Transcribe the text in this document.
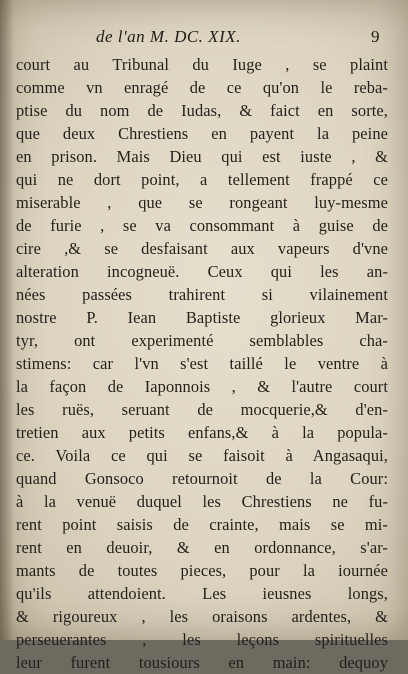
de l'an M. DC. XIX.	9
court au Tribunal du Iuge , se plaint
comme vn enragé de ce qu'on le reba-
ptise du nom de Iudas, & faict en sorte,
que deux Chrestiens en payent la peine
en prison. Mais Dieu qui est iuste , &
qui ne dort point, a tellement frappé ce
miserable , que se rongeant luy-mesme
de furie , se va consommant à guise de
cire ,& se desfaisant aux vapeurs d'vne
alteration incogneuë. Ceux qui les an-
nées passées trahirent si vilainement
nostre P. Iean Baptiste glorieux Mar-
tyr, ont experimenté semblables cha-
stimens: car l'vn s'est taillé le ventre à
la façon de Iaponnois , & l'autre court
les ruës, seruant de mocquerie,& d'en-
tretien aux petits enfans,& à la popula-
ce. Voila ce qui se faisoit à Angasaqui,
quand Gonsoco retournoit de la Cour:
à la venuë duquel les Chrestiens ne fu-
rent point saisis de crainte, mais se mi-
rent en deuoir, & en ordonnance, s'ar-
mants de toutes pieces, pour la iournée
qu'ils attendoient. Les ieusnes longs,
& rigoureux , les oraisons ardentes, &
perseuerantes , les leçons spirituelles
leur furent tousiours en main: dequoy
